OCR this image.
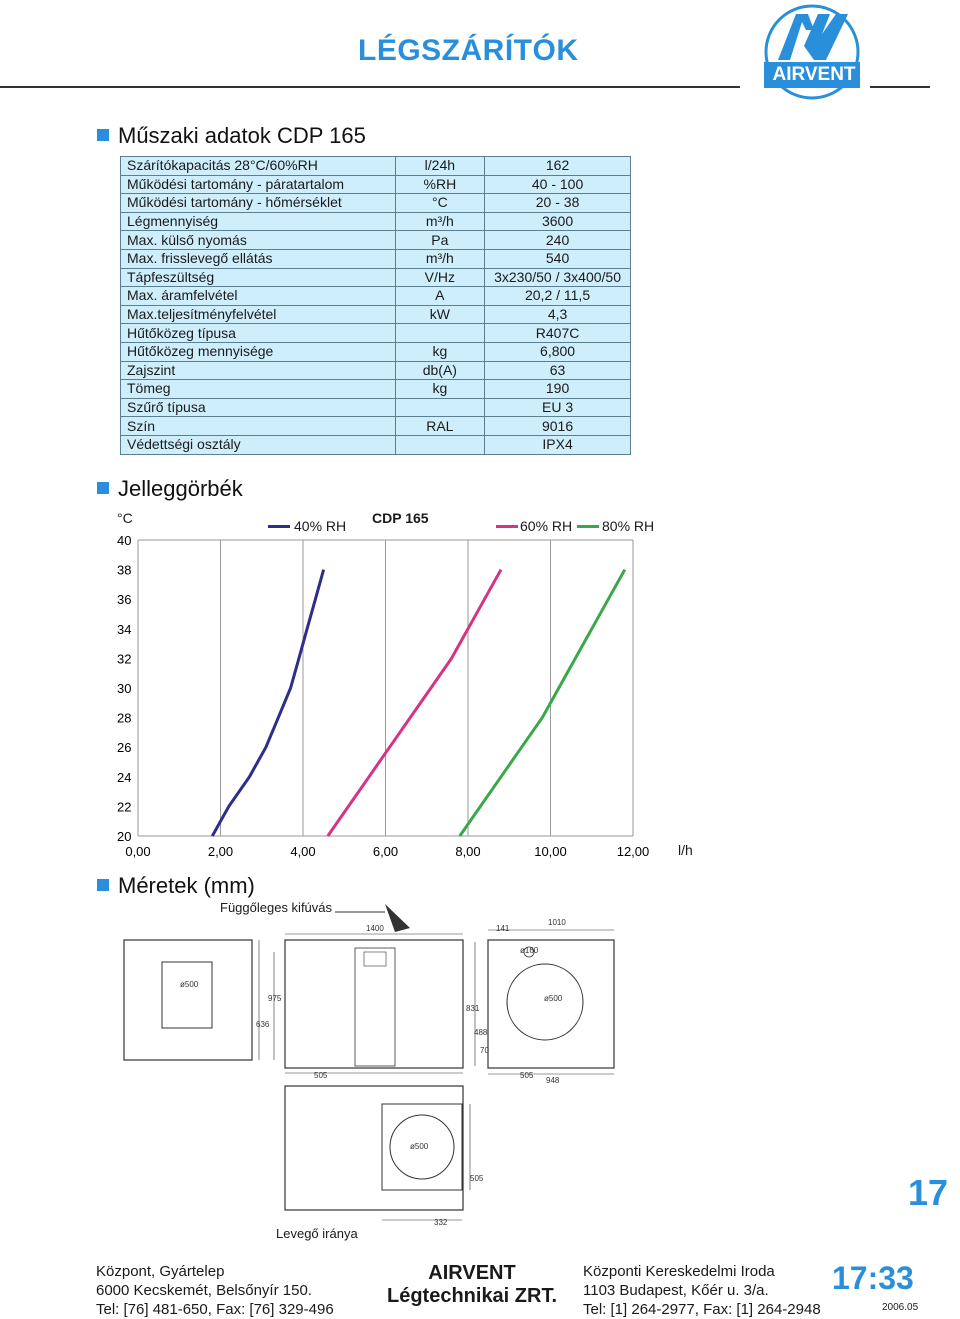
LÉGSZÁRÍTÓK
AIRVENT
Műszaki adatok CDP 165
Szárítókapacitás 28°C/60%RH	l/24h	162
Működési tartomány - páratartalom	%RH	40 - 100
Működési tartomány - hőmérséklet	°C	20 - 38
Légmennyiség	m³/h	3600
Max. külső nyomás	Pa	240
Max. frisslevegő ellátás	m³/h	540
Tápfeszültség	V/Hz	3x230/50 / 3x400/50
Max. áramfelvétel	A	20,2 / 11,5
Max.teljesítményfelvétel	kW	4,3
Hűtőközeg típusa		R407C
Hűtőközeg mennyisége	kg	6,800
Zajszint	db(A)	63
Tömeg	kg	190
Szűrő típusa		EU 3
Szín	RAL	9016
Védettségi osztály		IPX4
Jelleggörbék
°C	CDP 165
l/h
40% RH	60% RH 80% RH
0,00	2,00	4,00	6,00	8,00	10,00	12,00
40
38
36
34
32
30
28
26
24
22
20
Méretek (mm)
Függőleges kifúvás
Levegő iránya
1400	141
1010
ø160
ø500
975
636
831
488
70
505	505
948
ø500
505
332
ø500
17
Központ, Gyártelep
6000 Kecskemét, Belsőnyír 150.
Tel: [76] 481-650, Fax: [76] 329-496
AIRVENT
Légtechnikai ZRT.
Központi Kereskedelmi Iroda
1103 Budapest, Kőér u. 3/a.
Tel: [1] 264-2977, Fax: [1] 264-2948
17:33
2006.05
